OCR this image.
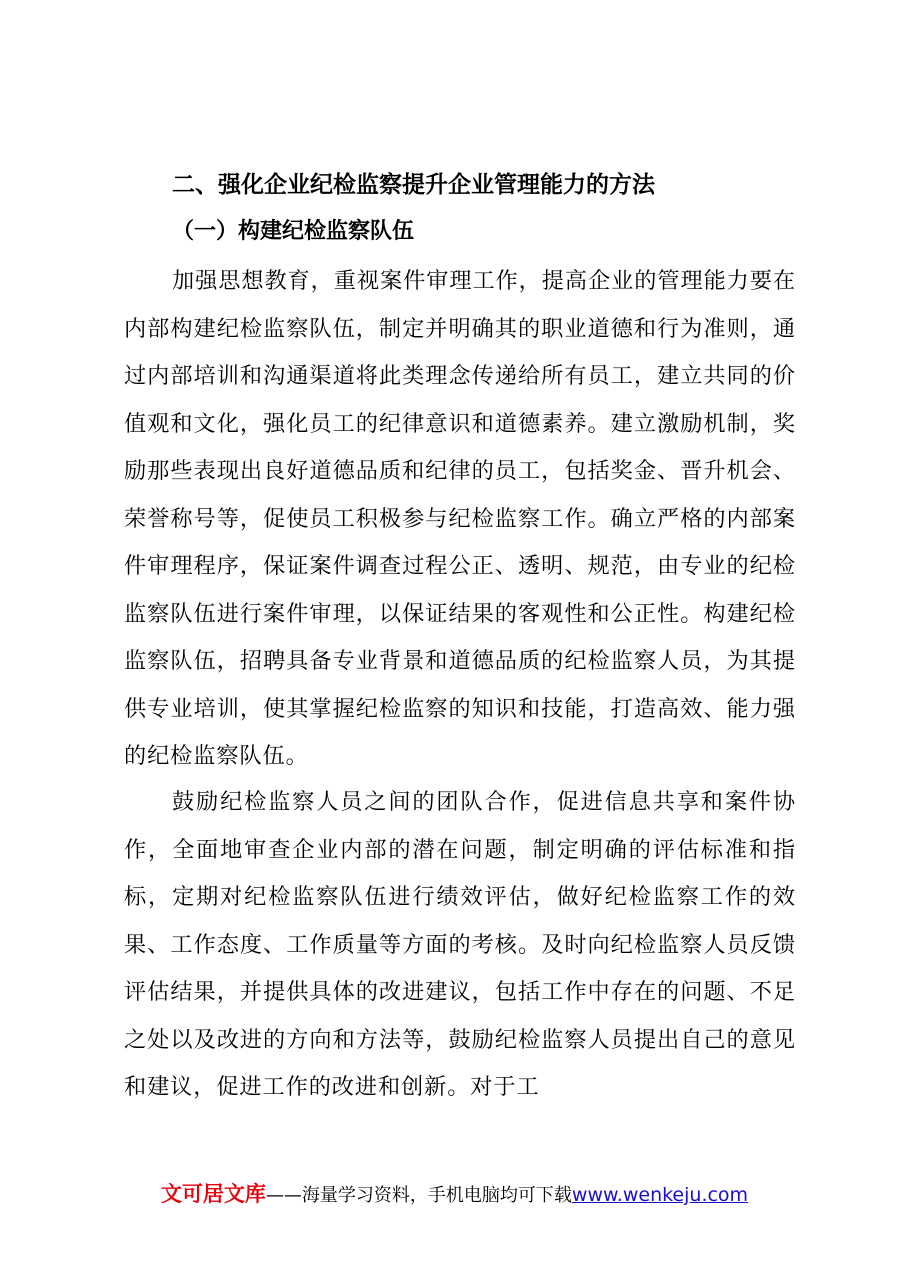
二、强化企业纪检监察提升企业管理能力的方法
（一）构建纪检监察队伍

加强思想教育，重视案件审理工作，提高企业的管理能力要在内部构建纪检监察队伍，制定并明确其的职业道德和行为准则，通过内部培训和沟通渠道将此类理念传递给所有员工，建立共同的价值观和文化，强化员工的纪律意识和道德素养。建立激励机制，奖励那些表现出良好道德品质和纪律的员工，包括奖金、晋升机会、荣誉称号等，促使员工积极参与纪检监察工作。确立严格的内部案件审理程序，保证案件调查过程公正、透明、规范，由专业的纪检监察队伍进行案件审理，以保证结果的客观性和公正性。构建纪检监察队伍，招聘具备专业背景和道德品质的纪检监察人员，为其提供专业培训，使其掌握纪检监察的知识和技能，打造高效、能力强的纪检监察队伍。

鼓励纪检监察人员之间的团队合作，促进信息共享和案件协作，全面地审查企业内部的潜在问题，制定明确的评估标准和指标，定期对纪检监察队伍进行绩效评估，做好纪检监察工作的效果、工作态度、工作质量等方面的考核。及时向纪检监察人员反馈评估结果，并提供具体的改进建议，包括工作中存在的问题、不足之处以及改进的方向和方法等，鼓励纪检监察人员提出自己的意见和建议，促进工作的改进和创新。对于工

文可居文库——海量学习资料，手机电脑均可下载www.wenkeju.com
